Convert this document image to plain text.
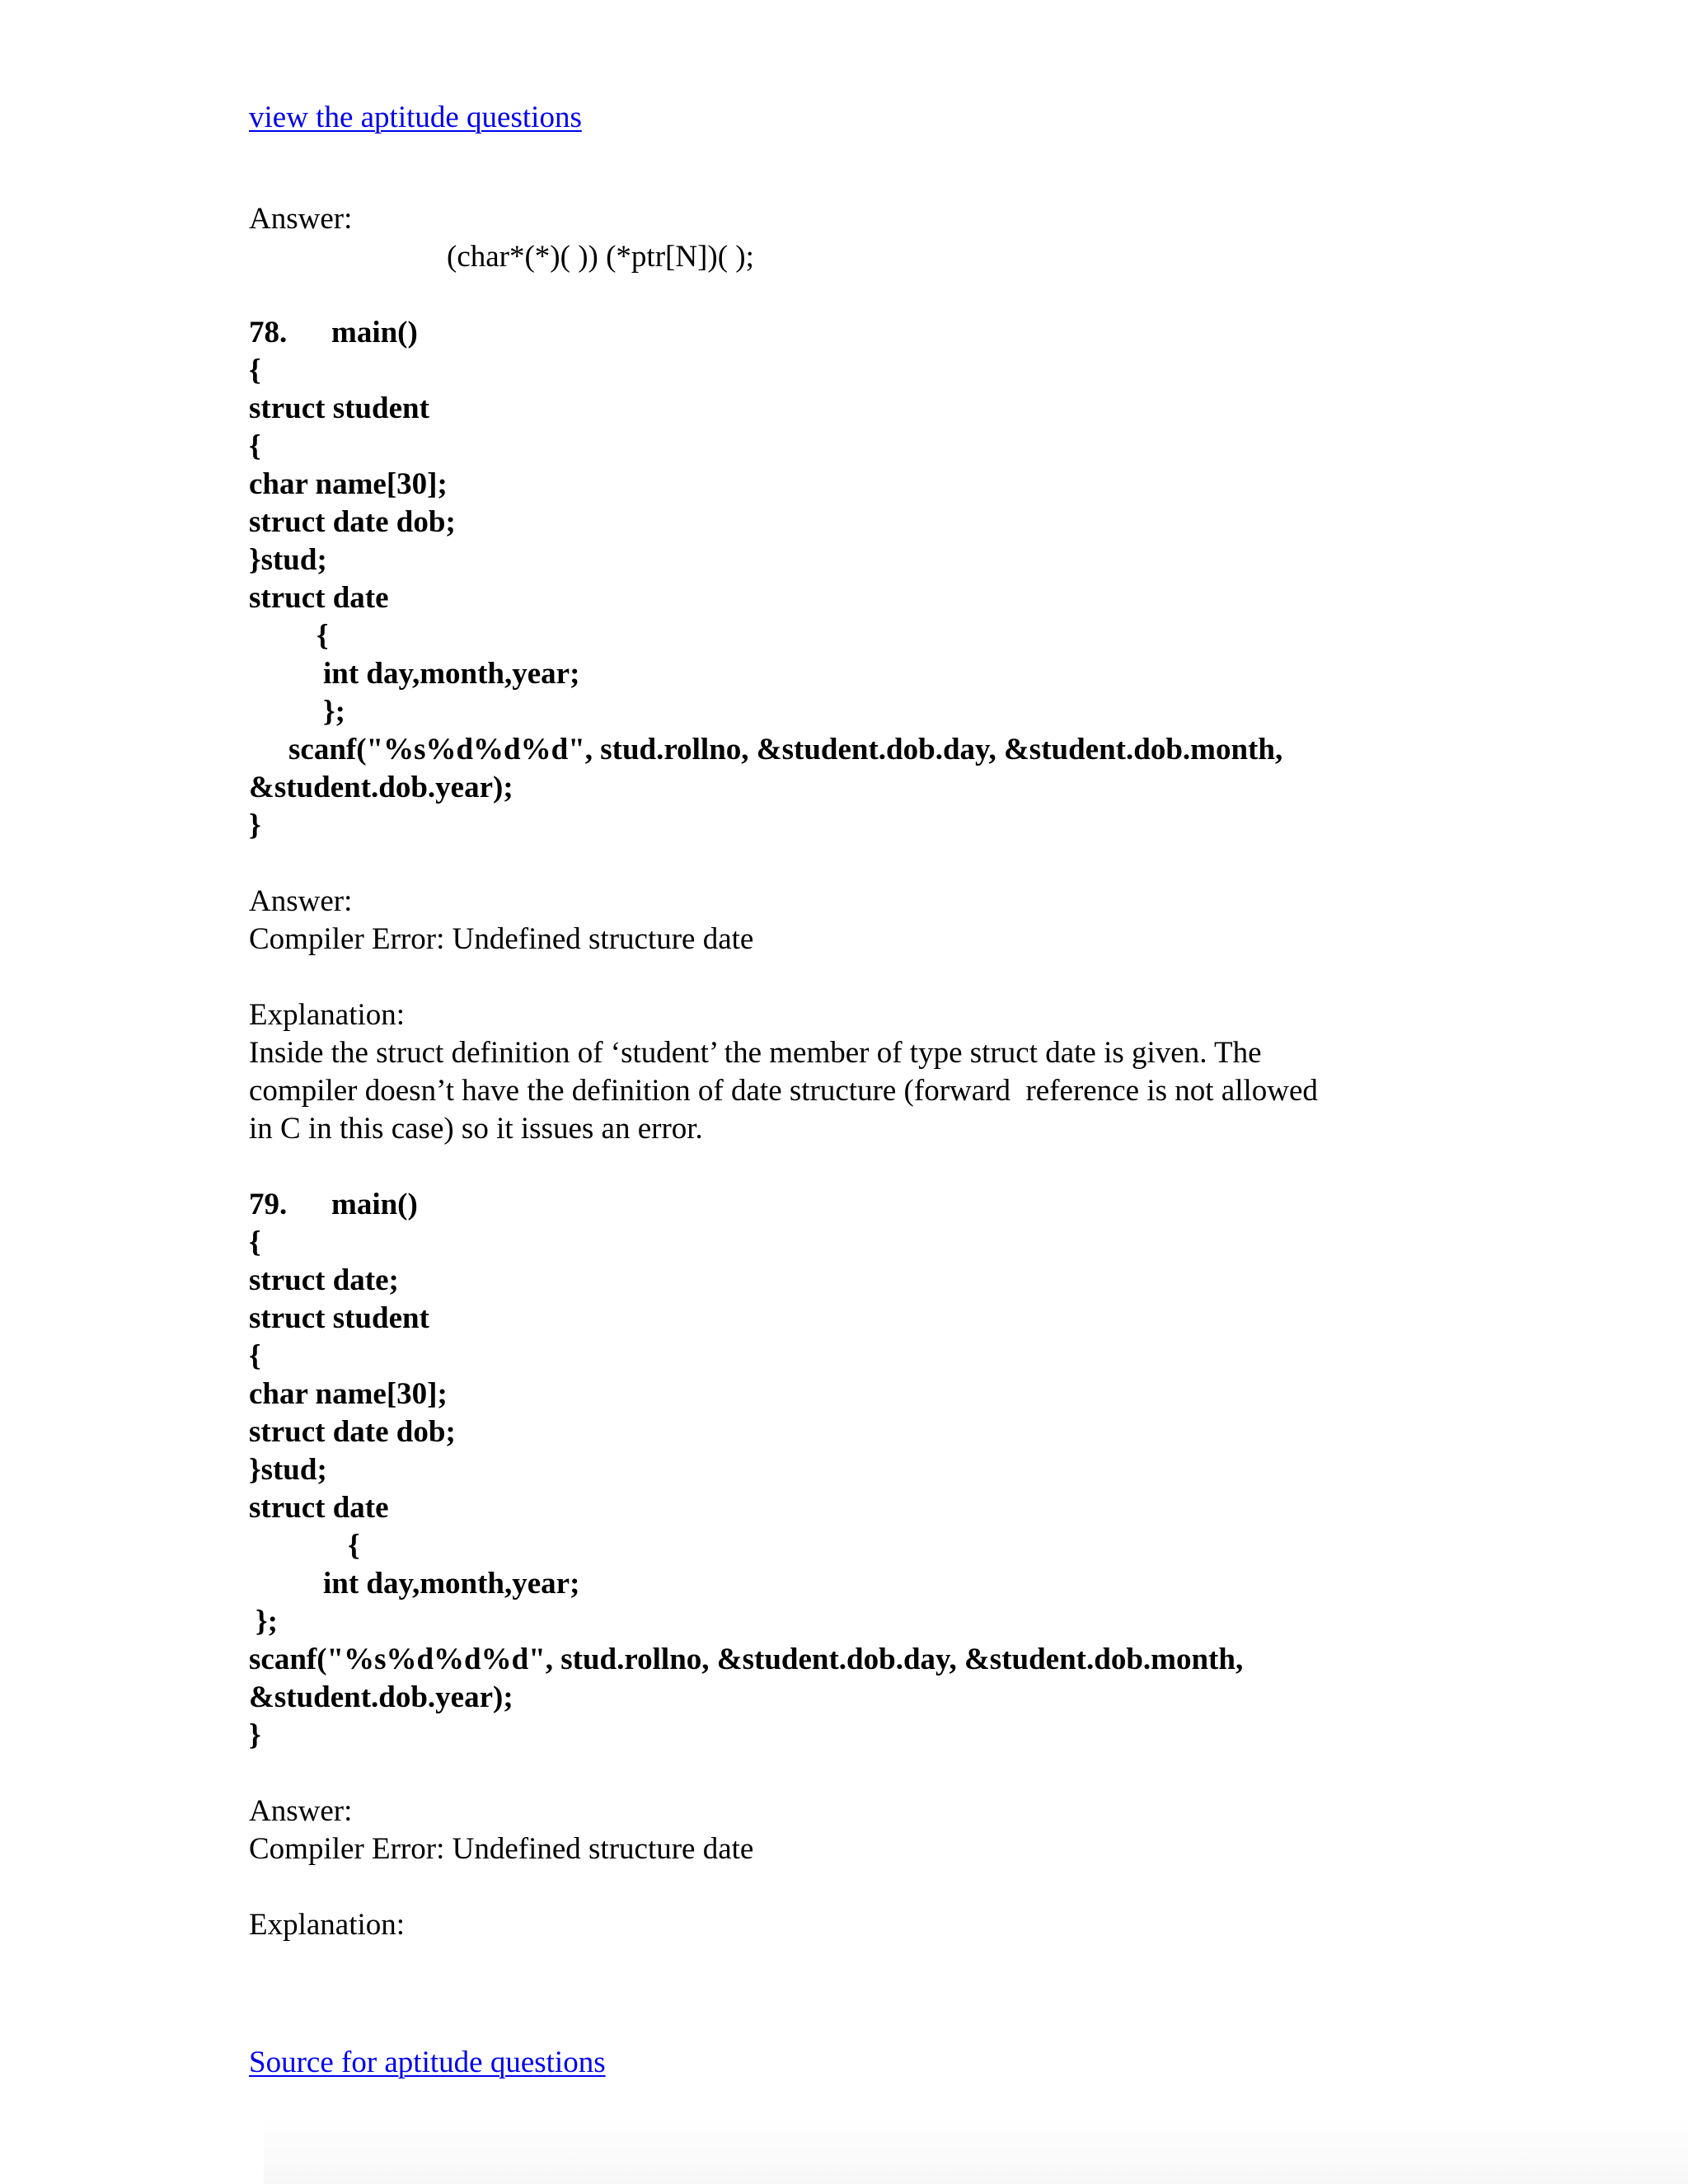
view the aptitude questions
Answer:
(char*(*)( )) (*ptr[N])( );
78. main()
{
struct student
{
char name[30];
struct date dob;
}stud;
struct date
{
int day,month,year;
};
scanf("%s%d%d%d", stud.rollno, &student.dob.day, &student.dob.month,
&student.dob.year);
}
Answer:
Compiler Error: Undefined structure date
Explanation:
Inside the struct definition of ‘student’ the member of type struct date is given. The
compiler doesn’t have the definition of date structure (forward  reference is not allowed
in C in this case) so it issues an error.
79. main()
{
struct date;
struct student
{
char name[30];
struct date dob;
}stud;
struct date
{
int day,month,year;
};
scanf("%s%d%d%d", stud.rollno, &student.dob.day, &student.dob.month,
&student.dob.year);
}
Answer:
Compiler Error: Undefined structure date
Explanation:
Source for aptitude questions
